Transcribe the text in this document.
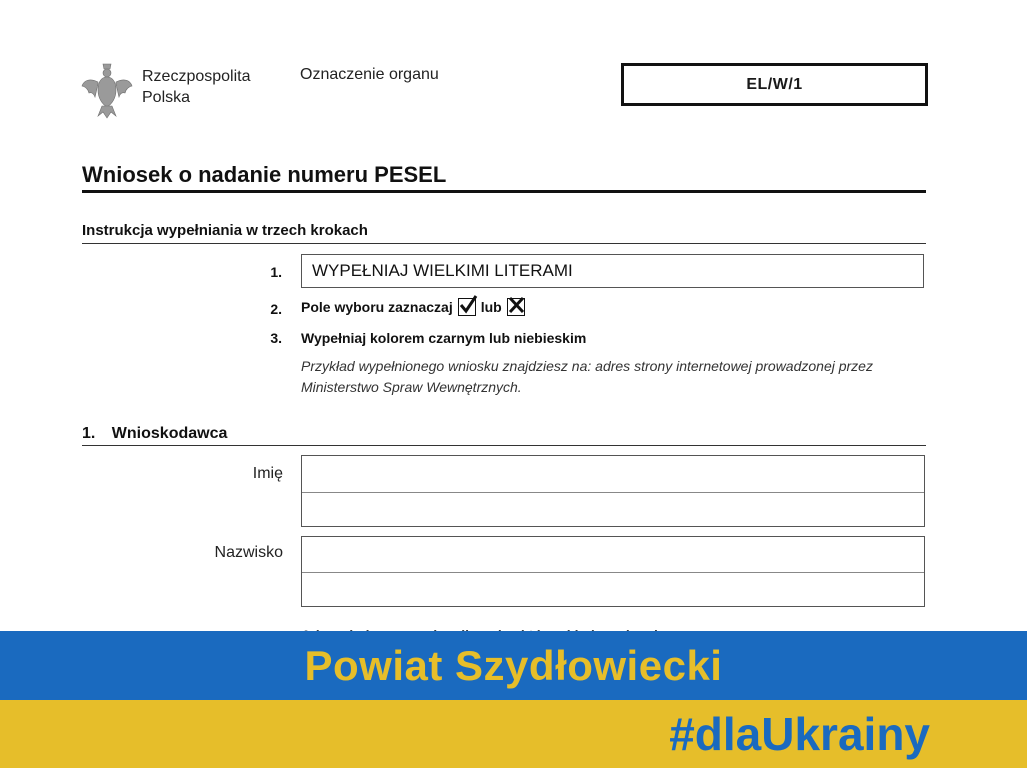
Rzeczpospolita
Polska
Oznaczenie organu
EL/W/1
Wniosek o nadanie numeru PESEL
Instrukcja wypełniania w trzech krokach
1. WYPEŁNIAJ WIELKIMI LITERAMI
2. Pole wyboru zaznaczaj lub
3. Wypełniaj kolorem czarnym lub niebieskim
Przykład wypełnionego wniosku znajdziesz na: adres strony internetowej prowadzonej przez Ministerstwo Spraw Wewnętrznych.
1. Wnioskodawca
Imię
Nazwisko
Powiat Szydłowiecki
#dlaUkrainy
